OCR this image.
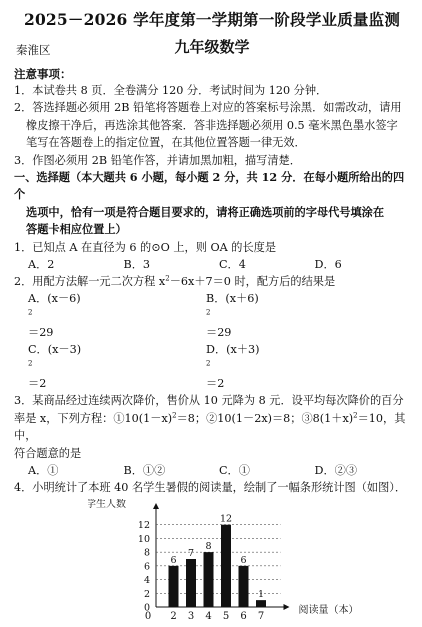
2025－2026 学年度第一学期第一阶段学业质量监测
秦淮区	九年级数学
注意事项：

1．本试卷共 8 页．全卷满分 120 分．考试时间为 120 分钟．

2．答选择题必须用 2B 铅笔将答题卷上对应的答案标号涂黑．如需改动，请用

橡皮擦干净后，再选涂其他答案．答非选择题必须用 0.5 毫米黑色墨水签字

笔写在答题卷上的指定位置，在其他位置答题一律无效．

3．作图必须用 2B 铅笔作答，并请加黑加粗，描写清楚．

一、选择题（本大题共 6 小题，每小题 2 分，共 12 分．在每小题所给出的四个

选项中，恰有一项是符合题目要求的，请将正确选项前的字母代号填涂在

答题卡相应位置上）

1．已知点 A 在直径为 6 的⊙O 上，则 OA 的长度是

A．2	B．3	C．4	D．6

2．用配方法解一元二次方程 $x^2-6x+7=0$ 时，配方后的结果是

A．$(x-6)^2=29$
B．$(x+6)^2=29$
C．$(x-3)^2=2$
D．$(x+3)^2=2$

3．某商品经过连续两次降价，售价从 10 元降为 8 元．设平均每次降价的百分

率是 x，下列方程：$①10(1-x)^2=8$；②10(1－2x)＝8；$③8(1+x)^2=10$，其中，

符合题意的是

A．①	B．①②	C．①	D．②③

4．小明统计了本班 40 名学生暑假的阅读量，绘制了一幅条形统计图（如图）．

学生人数
阅读量（本）
0
2
4
6
8
10
12
6
2
7
3
8
4
12
5
6
6
1
7
0
